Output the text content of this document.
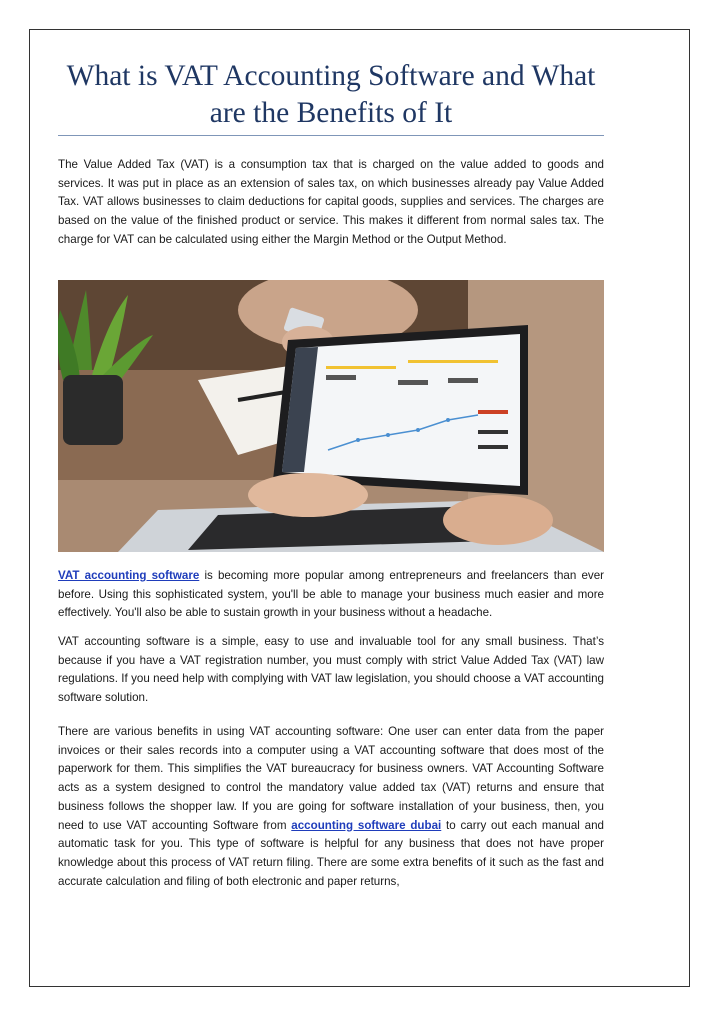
What is VAT Accounting Software and What are the Benefits of It

The Value Added Tax (VAT) is a consumption tax that is charged on the value added to goods and services. It was put in place as an extension of sales tax, on which businesses already pay Value Added Tax. VAT allows businesses to claim deductions for capital goods, supplies and services. The charges are based on the value of the finished product or service. This makes it different from normal sales tax. The charge for VAT can be calculated using either the Margin Method or the Output Method.

VAT accounting software is becoming more popular among entrepreneurs and freelancers than ever before. Using this sophisticated system, you'll be able to manage your business much easier and more effectively. You'll also be able to sustain growth in your business without a headache.

VAT accounting software is a simple, easy to use and invaluable tool for any small business. That’s because if you have a VAT registration number, you must comply with strict Value Added Tax (VAT) law regulations. If you need help with complying with VAT law legislation, you should choose a VAT accounting software solution.

There are various benefits in using VAT accounting software: One user can enter data from the paper invoices or their sales records into a computer using a VAT accounting software that does most of the paperwork for them. This simplifies the VAT bureaucracy for business owners. VAT Accounting Software acts as a system designed to control the mandatory value added tax (VAT) returns and ensure that business follows the shopper law. If you are going for software installation of your business, then, you need to use VAT accounting Software from accounting software dubai to carry out each manual and automatic task for you. This type of software is helpful for any business that does not have proper knowledge about this process of VAT return filing. There are some extra benefits of it such as the fast and accurate calculation and filing of both electronic and paper returns,
